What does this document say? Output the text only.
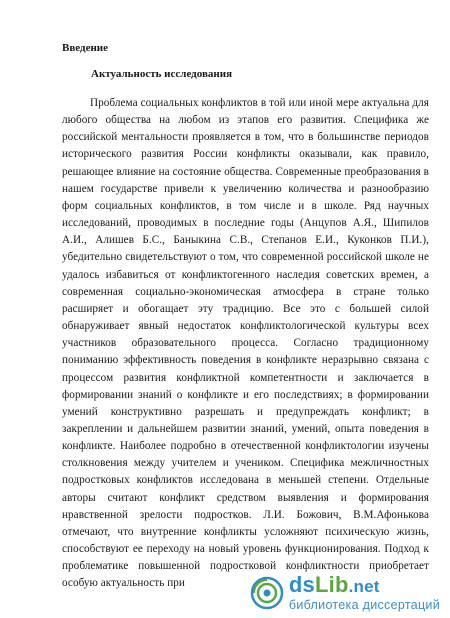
Введение
Актуальность исследования

Проблема социальных конфликтов в той или иной мере актуальна для любого общества на любом из этапов его развития. Специфика же российской ментальности проявляется в том, что в большинстве периодов исторического развития России конфликты оказывали, как правило, решающее влияние на состояние общества. Современные преобразования в нашем государстве привели к увеличению количества и разнообразию форм социальных конфликтов, в том числе и в школе. Ряд научных исследований, проводимых в последние годы (Анцупов А.Я., Шипилов А.И., Алишев Б.С., Баныкина С.В., Степанов Е.И., Куконков П.И.), убедительно свидетельствуют о том, что современной российской школе не удалось избавиться от конфликтогенного наследия советских времен, а современная социально-экономическая атмосфера в стране только расширяет и обогащает эту традицию. Все это с большей силой обнаруживает явный недостаток конфликтологической культуры всех участников образовательного процесса. Согласно традиционному пониманию эффективность поведения в конфликте неразрывно связана с процессом развития конфликтной компетентности и заключается в формировании знаний о конфликте и его последствиях; в формировании умений конструктивно разрешать и предупреждать конфликт; в закреплении и дальнейшем развитии знаний, умений, опыта поведения в конфликте. Наиболее подробно в отечественной конфликтологии изучены столкновения между учителем и учеником. Специфика межличностных подростковых конфликтов исследована в меньшей степени. Отдельные авторы считают конфликт средством выявления и формирования нравственной зрелости подростков. Л.И. Божович, В.М.Афонькова отмечают, что внутренние конфликты усложняют психическую жизнь, способствуют ее переходу на новый уровень функционирования. Подход к проблематике повышенной подростковой конфликтности приобретает особую актуальность при	dsLib.net
библиотека диссертаций
